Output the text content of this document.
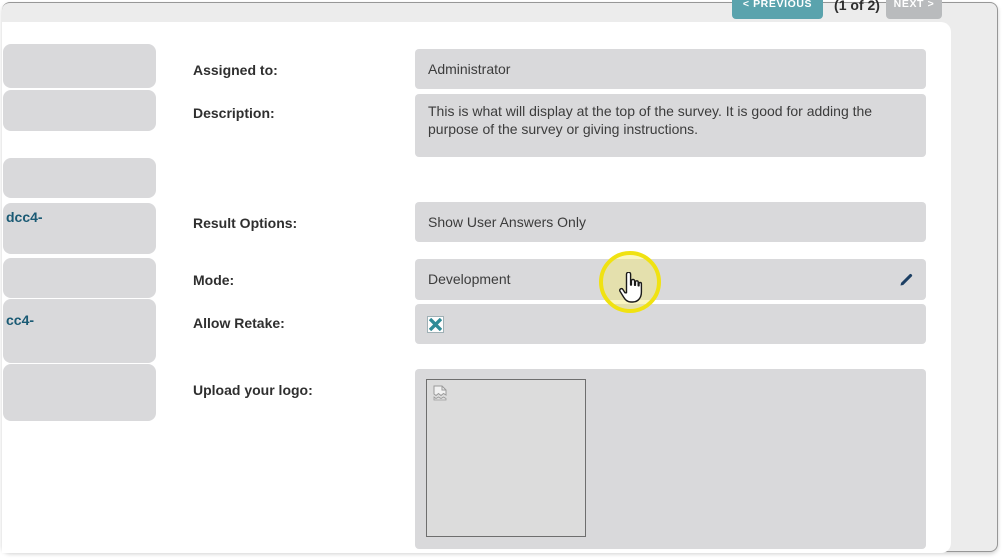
< PREVIOUS	(1 of 2)	NEXT >
dcc4-
cc4-
Assigned to:
Description:
Result Options:
Mode:
Allow Retake:
Upload your logo:
Administrator
This is what will display at the top of the survey. It is good for adding the purpose of the survey or giving instructions.
Show User Answers Only
Development
